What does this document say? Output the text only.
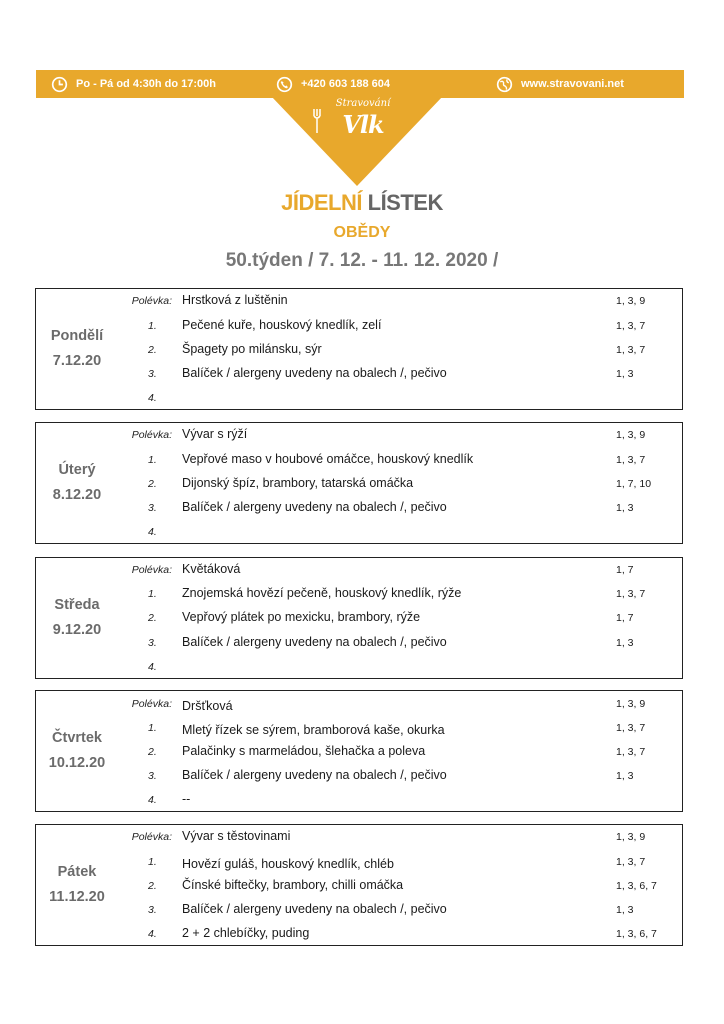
Po - Pá od 4:30h do 17:00h	+420 603 188 604	www.stravovani.net
Stravování
Vlk
JÍDELNÍ LÍSTEK
OBĚDY
50.týden / 7. 12. - 11. 12. 2020 /
Pondělí
7.12.20
Polévka: Hrstková z luštěnin	1, 3, 9
1. Pečené kuře, houskový knedlík, zelí	1, 3, 7
2. Špagety po milánsku, sýr	1, 3, 7
3. Balíček / alergeny uvedeny na obalech /, pečivo	1, 3
4.
Úterý
8.12.20
Polévka: Vývar s rýží	1, 3, 9
1. Vepřové maso v houbové omáčce, houskový knedlík	1, 3, 7
2. Dijonský špíz, brambory, tatarská omáčka	1, 7, 10
3. Balíček / alergeny uvedeny na obalech /, pečivo	1, 3
4.
Středa
9.12.20
Polévka: Květáková	1, 7
1. Znojemská hovězí pečeně, houskový knedlík, rýže	1, 3, 7
2. Vepřový plátek po mexicku, brambory, rýže	1, 7
3. Balíček / alergeny uvedeny na obalech /, pečivo	1, 3
4.
Čtvrtek
10.12.20
Polévka: Dršťková	1, 3, 9
1. Mletý řízek se sýrem, bramborová kaše, okurka	1, 3, 7
2. Palačinky s marmeládou, šlehačka a poleva	1, 3, 7
3. Balíček / alergeny uvedeny na obalech /, pečivo	1, 3
4. --
Pátek
11.12.20
Polévka: Vývar s těstovinami	1, 3, 9
1. Hovězí guláš, houskový knedlík, chléb	1, 3, 7
2. Čínské biftečky, brambory, chilli omáčka	1, 3, 6, 7
3. Balíček / alergeny uvedeny na obalech /, pečivo	1, 3
4. 2 + 2 chlebíčky, puding	1, 3, 6, 7
